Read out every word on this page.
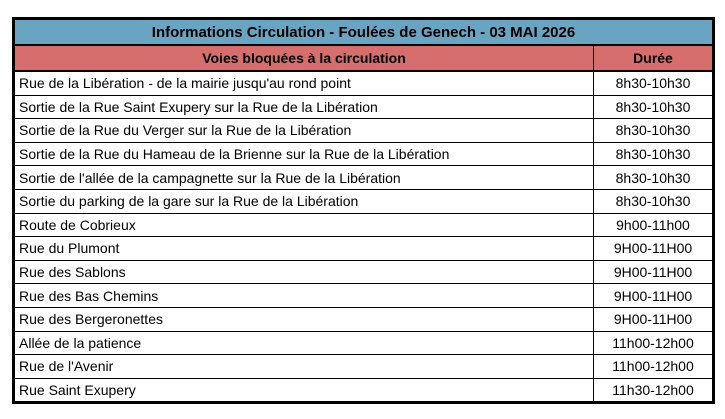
Informations Circulation - Foulées de Genech - 03 MAI 2026	
Voies bloquées à la circulation	Durée
Rue de la Libération - de la mairie jusqu'au rond point	8h30-10h30
Sortie de la Rue Saint Exupery sur la Rue de la Libération	8h30-10h30
Sortie de la Rue du Verger sur la Rue de la Libération	8h30-10h30
Sortie de la Rue du Hameau de la Brienne sur la Rue de la Libération	8h30-10h30
Sortie de l'allée de la campagnette sur la Rue de la Libération	8h30-10h30
Sortie du parking de la gare sur la Rue de la Libération	8h30-10h30
Route de Cobrieux	9h00-11h00
Rue du Plumont	9H00-11H00
Rue des Sablons	9H00-11H00
Rue des Bas Chemins	9H00-11H00
Rue des Bergeronettes	9H00-11H00
Allée de la patience	11h00-12h00
Rue de l'Avenir	11h00-12h00
Rue Saint Exupery	11h30-12h00
